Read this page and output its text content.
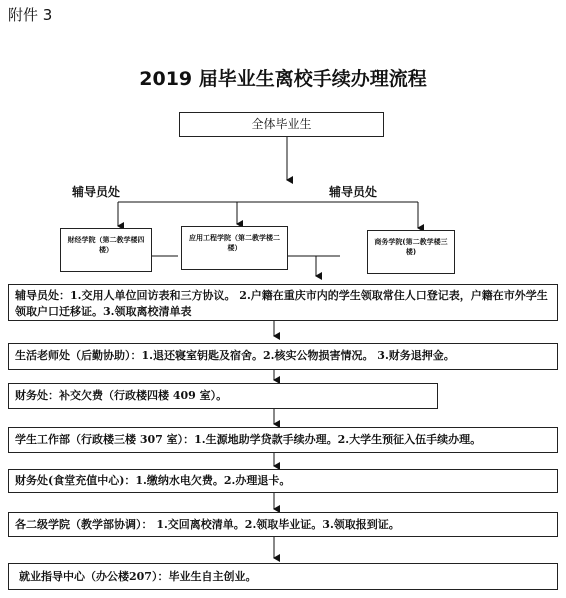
附件 3
2019 届毕业生离校手续办理流程
全体毕业生
辅导员处	辅导员处
财经学院（第二教学楼四楼）
应用工程学院（第二教学楼二楼）
商务学院(第二教学楼三楼)
辅导员处：1.交用人单位回访表和三方协议。 2.户籍在重庆市内的学生领取常住人口登记表，户籍在市外学生领取户口迁移证。3.领取离校清单表
生活老师处（后勤协助）：1.退还寝室钥匙及宿舍。2.核实公物损害情况。 3.财务退押金。
财务处：补交欠费（行政楼四楼 409 室）。
学生工作部（行政楼三楼 307 室）：1.生源地助学贷款手续办理。2.大学生预征入伍手续办理。
财务处(食堂充值中心)：1.缴纳水电欠费。2.办理退卡。
各二级学院（教学部协调）： 1.交回离校清单。2.领取毕业证。3.领取报到证。
就业指导中心（办公楼207）：毕业生自主创业。
